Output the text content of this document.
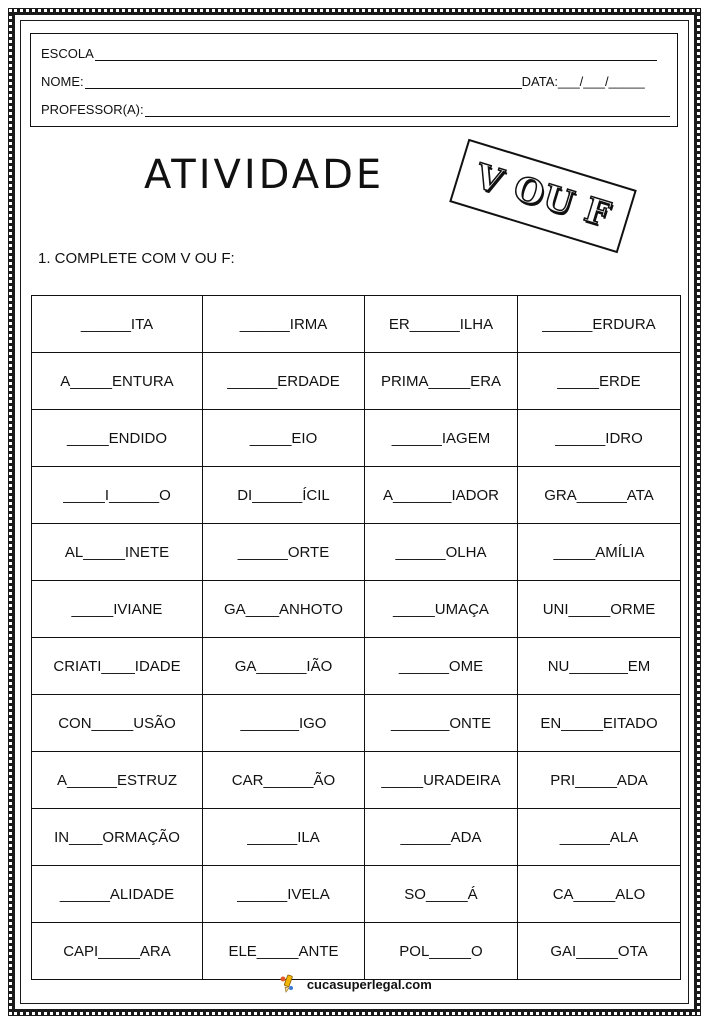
ESCOLA
NOME:	DATA: ___/___/_____
PROFESSOR(A):
ATIVIDADE	V OU F
1. COMPLETE COM V OU F:
______ITA	______IRMA	ER______ILHA	______ERDURA
A_____ENTURA	______ERDADE	PRIMA_____ERA	_____ERDE
_____ENDIDO	_____EIO	______IAGEM	______IDRO
_____I______O	DI______ÍCIL	A_______IADOR	GRA______ATA
AL_____INETE	______ORTE	______OLHA	_____AMÍLIA
_____IVIANE	GA____ANHOTO	_____UMAÇA	UNI_____ORME
CRIATI____IDADE	GA______IÃO	______OME	NU_______EM
CON_____USÃO	_______IGO	_______ONTE	EN_____EITADO
A______ESTRUZ	CAR______ÃO	_____URADEIRA	PRI_____ADA
IN____ORMAÇÃO	______ILA	______ADA	______ALA
______ALIDADE	______IVELA	SO_____Á	CA_____ALO
CAPI_____ARA	ELE_____ANTE	POL_____O	GAI_____OTA
cucasuperlegal.com
